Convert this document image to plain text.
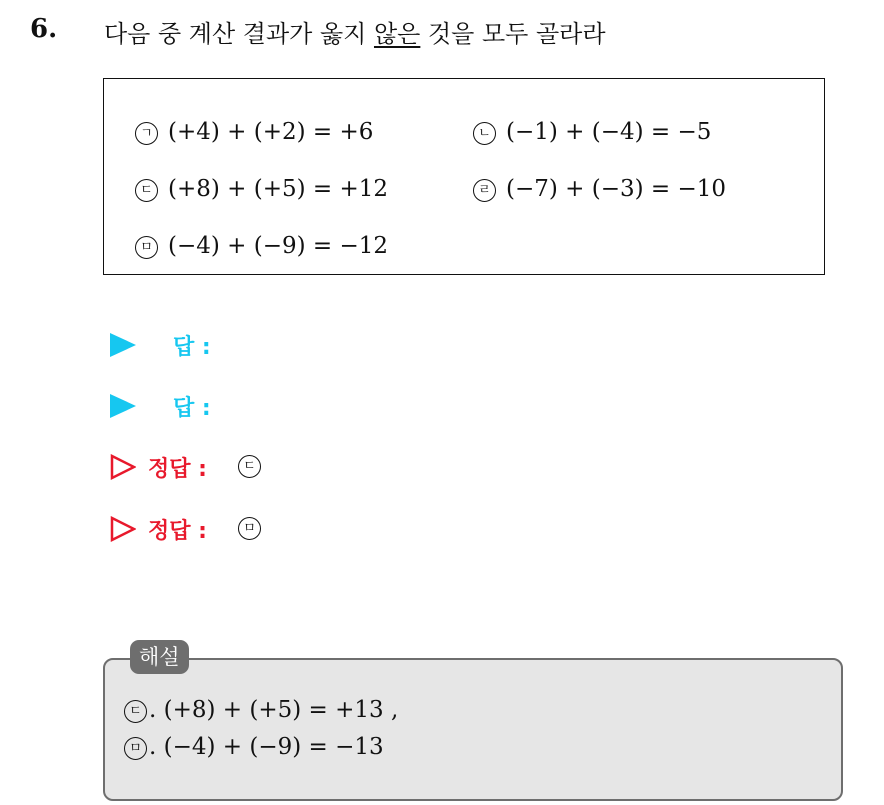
6. 다음 중 계산 결과가 옳지 않은 것을 모두 골라라
ㄱ (+4) + (+2) = +6	ㄴ (−1) + (−4) = −5
ㄷ (+8) + (+5) = +12	ㄹ (−7) + (−3) = −10
ㅁ (−4) + (−9) = −12
답 :
답 :
정답 :	ㄷ
정답 :	ㅁ
해설
ㄷ . (+8) + (+5) = +13 ,
ㅁ . (−4) + (−9) = −13
